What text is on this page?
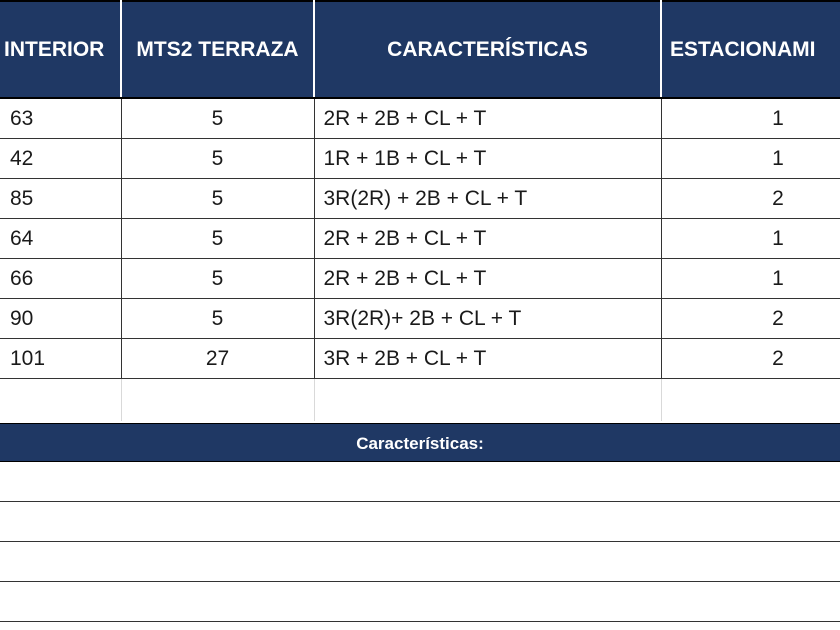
INTERIOR	MTS2 TERRAZA	CARACTERÍSTICAS	ESTACIONAMI
63	5	2R + 2B + CL + T	1
42	5	1R + 1B + CL + T	1
85	5	3R(2R) + 2B + CL + T	2
64	5	2R + 2B + CL + T	1
66	5	2R + 2B + CL + T	1
90	5	3R(2R)+ 2B + CL + T	2
101	27	3R + 2B + CL + T	2

Características:
